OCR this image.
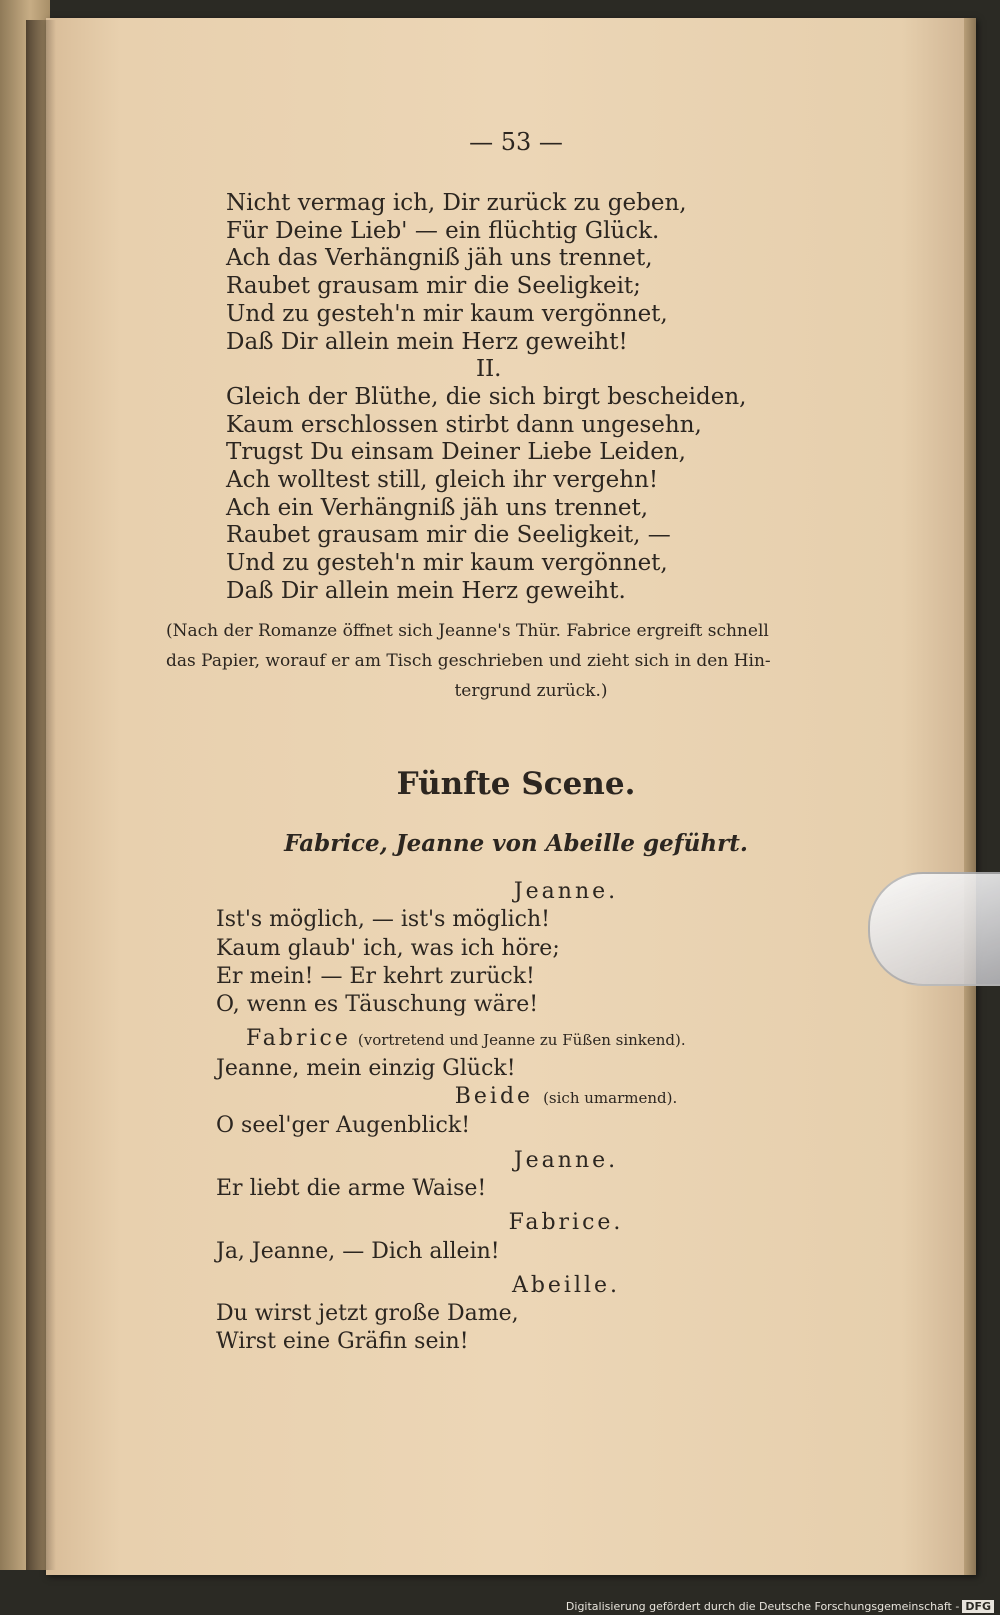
— 53 —
Nicht vermag ich, Dir zurück zu geben,
Für Deine Lieb' — ein flüchtig Glück.
Ach das Verhängniß jäh uns trennet,
Raubet grausam mir die Seeligkeit;
Und zu gesteh'n mir kaum vergönnet,
Daß Dir allein mein Herz geweiht!
II.
Gleich der Blüthe, die sich birgt bescheiden,
Kaum erschlossen stirbt dann ungesehn,
Trugst Du einsam Deiner Liebe Leiden,
Ach wolltest still, gleich ihr vergehn!
Ach ein Verhängniß jäh uns trennet,
Raubet grausam mir die Seeligkeit, —
Und zu gesteh'n mir kaum vergönnet,
Daß Dir allein mein Herz geweiht.
(Nach der Romanze öffnet sich Jeanne's Thür. Fabrice ergreift schnell
das Papier, worauf er am Tisch geschrieben und zieht sich in den Hin-
tergrund zurück.)
Fünfte Scene.
Fabrice, Jeanne von Abeille geführt.
Jeanne.
Ist's möglich, — ist's möglich!
Kaum glaub' ich, was ich höre;
Er mein! — Er kehrt zurück!
O, wenn es Täuschung wäre!
Fabrice (vortretend und Jeanne zu Füßen sinkend).
Jeanne, mein einzig Glück!
Beide (sich umarmend).
O seel'ger Augenblick!
Jeanne.
Er liebt die arme Waise!
Fabrice.
Ja, Jeanne, — Dich allein!
Abeille.
Du wirst jetzt große Dame,
Wirst eine Gräfin sein!
Digitalisierung gefördert durch die Deutsche Forschungsgemeinschaft - DFG
